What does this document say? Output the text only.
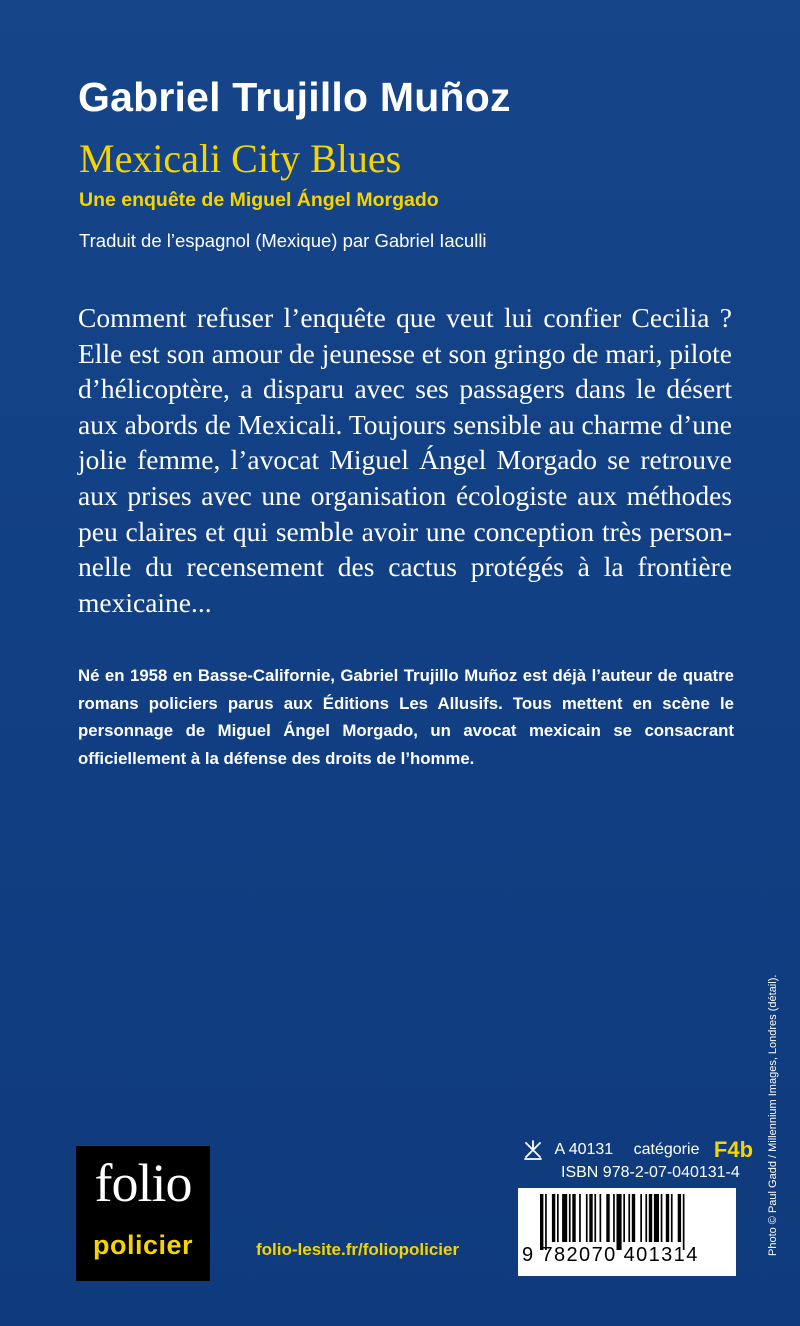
Gabriel Trujillo Muñoz
Mexicali City Blues
Une enquête de Miguel Ángel Morgado
Traduit de l’espagnol (Mexique) par Gabriel Iaculli

Comment refuser l’enquête que veut lui confier Cecilia ? Elle est son amour de jeunesse et son gringo de mari, pilote d’hélicoptère, a disparu avec ses passagers dans le désert aux abords de Mexicali. Toujours sensible au charme d’une jolie femme, l’avocat Miguel Ángel Morgado se retrouve aux prises avec une organisation écologiste aux méthodes peu claires et qui semble avoir une conception très personnelle du recensement des cactus protégés à la frontière mexicaine...

Né en 1958 en Basse-Californie, Gabriel Trujillo Muñoz est déjà l’auteur de quatre romans policiers parus aux Éditions Les Allusifs. Tous mettent en scène le personnage de Miguel Ángel Morgado, un avocat mexicain se consacrant officiellement à la défense des droits de l’homme.

folio
policier	folio-lesite.fr/foliopolicier
A 40131 catégorie F4b
ISBN 978-2-07-040131-4
9 782070 401314	Photo © Paul Gadd / Millennium Images, Londres (détail).
